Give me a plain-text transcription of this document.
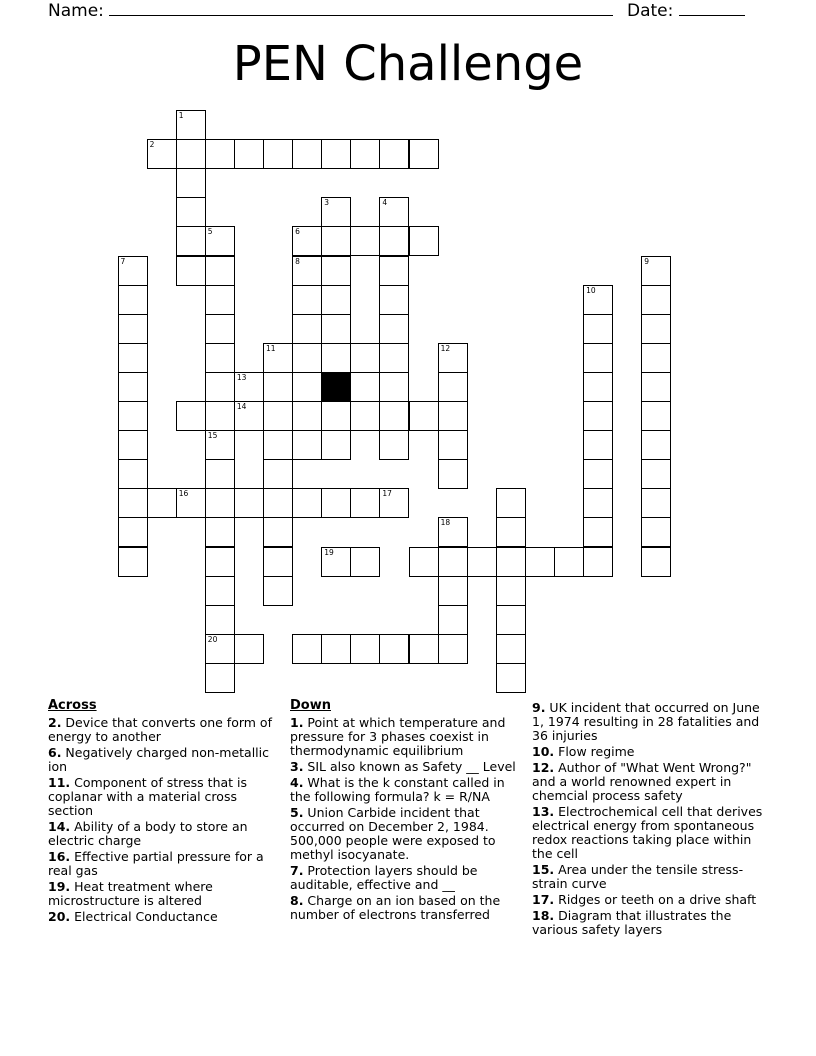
Name:	Date:
PEN Challenge
2
1
3	4
6
5
15
20
7	8	9
10
11	12
13
14
16	17
18
19
Across
2. Device that converts one form of energy to another
6. Negatively charged non-metallic ion
11. Component of stress that is coplanar with a material cross section
14. Ability of a body to store an electric charge
16. Effective partial pressure for a real gas
19. Heat treatment where microstructure is altered
20. Electrical Conductance
Down
1. Point at which temperature and pressure for 3 phases coexist in thermodynamic equilibrium
3. SIL also known as Safety __ Level
4. What is the k constant called in the following formula? k = R/NA
5. Union Carbide incident that occurred on December 2, 1984. 500,000 people were exposed to methyl isocyanate.
7. Protection layers should be auditable, effective and __
8. Charge on an ion based on the number of electrons transferred
9. UK incident that occurred on June 1, 1974 resulting in 28 fatalities and 36 injuries
10. Flow regime
12. Author of "What Went Wrong?" and a world renowned expert in chemcial process safety
13. Electrochemical cell that derives electrical energy from spontaneous redox reactions taking place within the cell
15. Area under the tensile stress-strain curve
17. Ridges or teeth on a drive shaft
18. Diagram that illustrates the various safety layers
